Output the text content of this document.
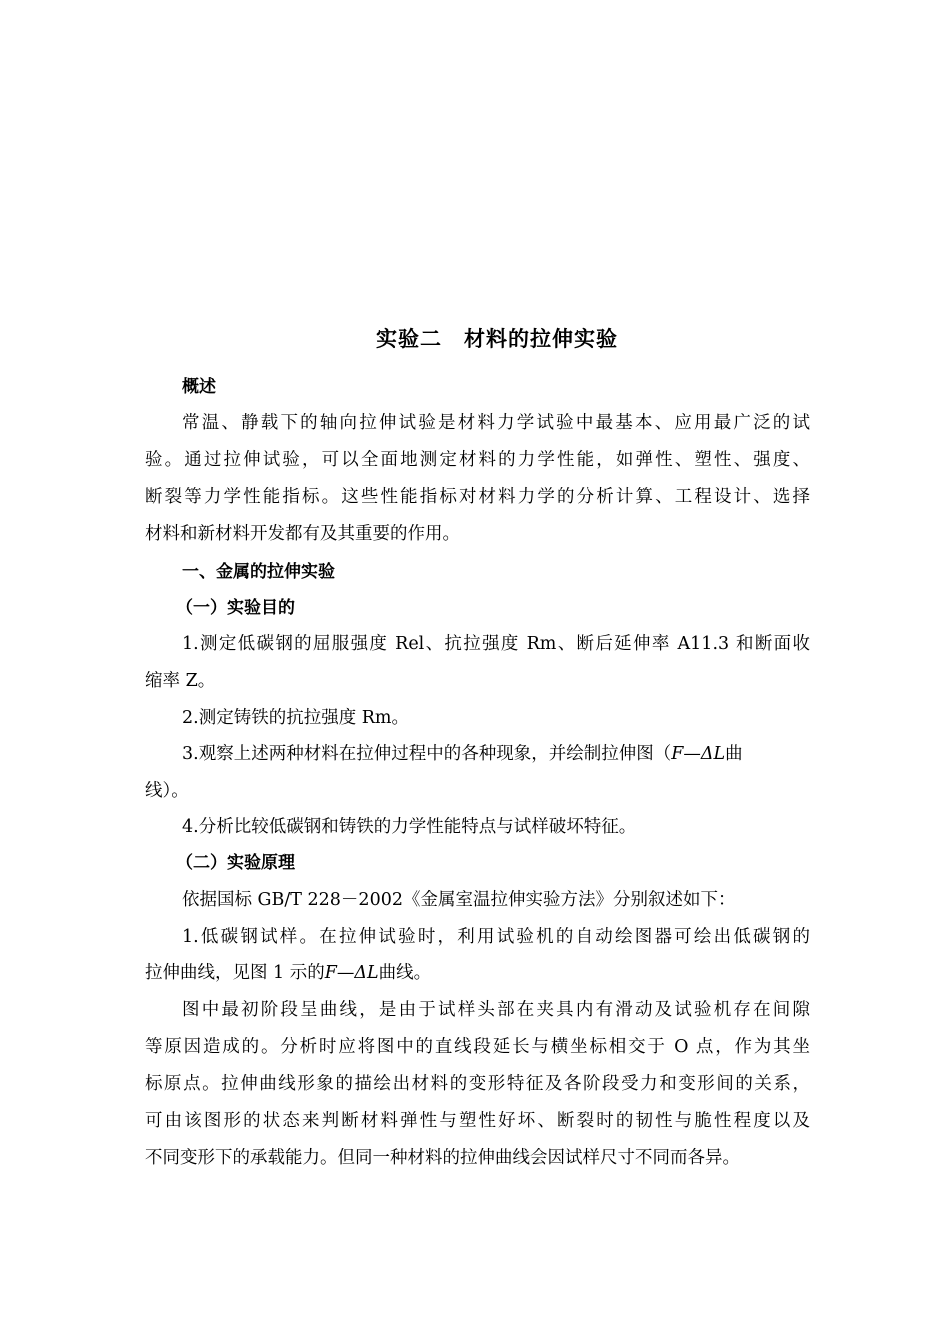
实验二　材料的拉伸实验
概述
常温、静载下的轴向拉伸试验是材料力学试验中最基本、应用最广泛的试
验。通过拉伸试验，可以全面地测定材料的力学性能，如弹性、塑性、强度、
断裂等力学性能指标。这些性能指标对材料力学的分析计算、工程设计、选择
材料和新材料开发都有及其重要的作用。
一、金属的拉伸实验
（一）实验目的
1.测定低碳钢的屈服强度 Rel、抗拉强度 Rm、断后延伸率 A11.3 和断面收
缩率 Z。
2.测定铸铁的抗拉强度 Rm。
3.观察上述两种材料在拉伸过程中的各种现象，并绘制拉伸图（F—ΔL曲
线）。
4.分析比较低碳钢和铸铁的力学性能特点与试样破坏特征。
（二）实验原理
依据国标 GB/T 228－2002《金属室温拉伸实验方法》分别叙述如下：
1.低碳钢试样。在拉伸试验时，利用试验机的自动绘图器可绘出低碳钢的
拉伸曲线，见图 1 示的F—ΔL曲线。
图中最初阶段呈曲线，是由于试样头部在夹具内有滑动及试验机存在间隙
等原因造成的。分析时应将图中的直线段延长与横坐标相交于 O 点，作为其坐
标原点。拉伸曲线形象的描绘出材料的变形特征及各阶段受力和变形间的关系，
可由该图形的状态来判断材料弹性与塑性好坏、断裂时的韧性与脆性程度以及
不同变形下的承载能力。但同一种材料的拉伸曲线会因试样尺寸不同而各异。
